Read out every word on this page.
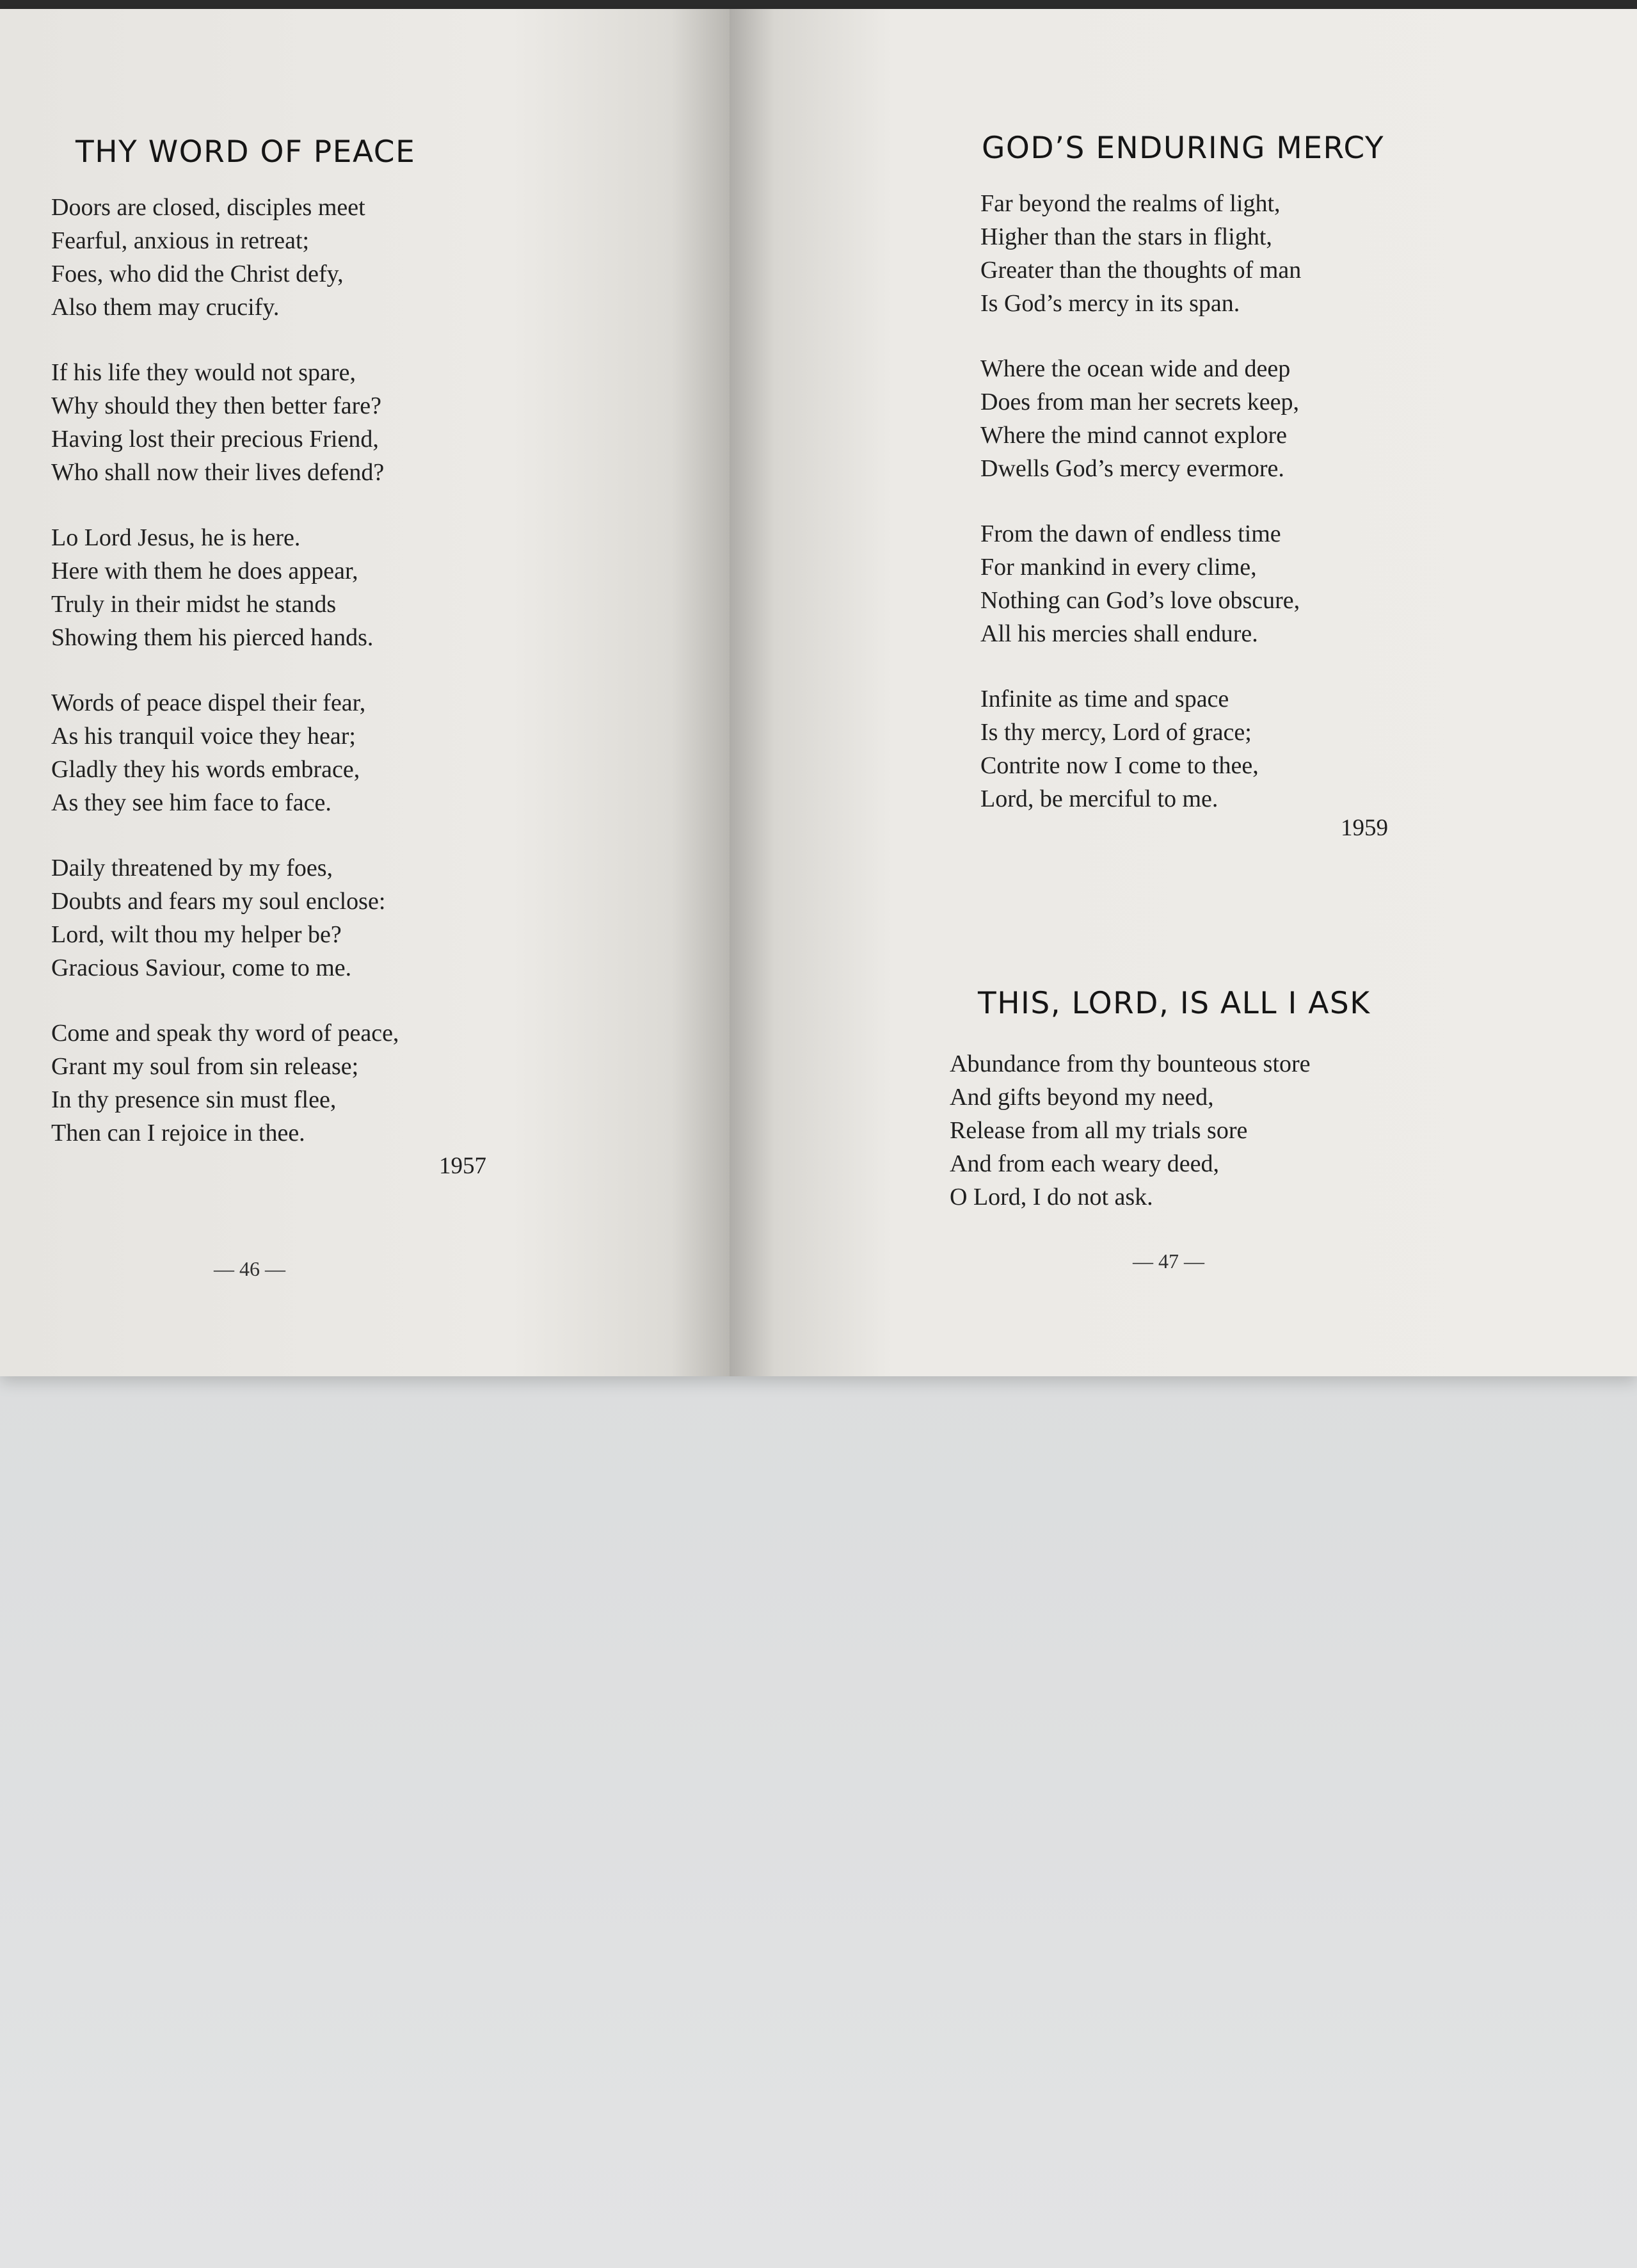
THY WORD OF PEACE
Doors are closed, disciples meet
Fearful, anxious in retreat;
Foes, who did the Christ defy,
Also them may crucify.
If his life they would not spare,
Why should they then better fare?
Having lost their precious Friend,
Who shall now their lives defend?
Lo Lord Jesus, he is here.
Here with them he does appear,
Truly in their midst he stands
Showing them his pierced hands.
Words of peace dispel their fear,
As his tranquil voice they hear;
Gladly they his words embrace,
As they see him face to face.
Daily threatened by my foes,
Doubts and fears my soul enclose:
Lord, wilt thou my helper be?
Gracious Saviour, come to me.
Come and speak thy word of peace,
Grant my soul from sin release;
In thy presence sin must flee,
Then can I rejoice in thee.
1957
— 46 —
GOD’S ENDURING MERCY
Far beyond the realms of light,
Higher than the stars in flight,
Greater than the thoughts of man
Is God’s mercy in its span.
Where the ocean wide and deep
Does from man her secrets keep,
Where the mind cannot explore
Dwells God’s mercy evermore.
From the dawn of endless time
For mankind in every clime,
Nothing can God’s love obscure,
All his mercies shall endure.
Infinite as time and space
Is thy mercy, Lord of grace;
Contrite now I come to thee,
Lord, be merciful to me.
1959
THIS, LORD, IS ALL I ASK
Abundance from thy bounteous store
And gifts beyond my need,
Release from all my trials sore
And from each weary deed,
O Lord, I do not ask.
— 47 —
